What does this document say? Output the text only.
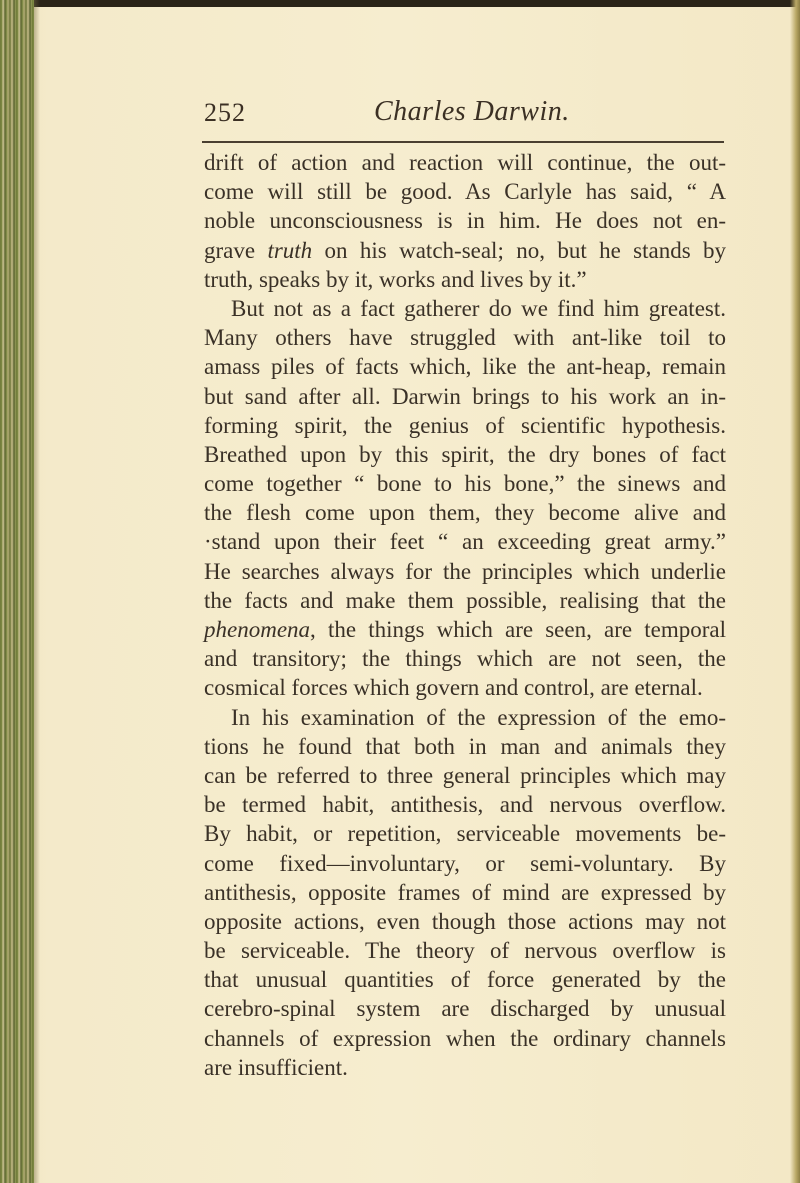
252	Charles Darwin.
drift of action and reaction will continue, the out-
come will still be good. As Carlyle has said, “ A
noble unconsciousness is in him. He does not en-
grave truth on his watch-seal; no, but he stands by
truth, speaks by it, works and lives by it.”
But not as a fact gatherer do we find him greatest.
Many others have struggled with ant-like toil to
amass piles of facts which, like the ant-heap, remain
but sand after all. Darwin brings to his work an in-
forming spirit, the genius of scientific hypothesis.
Breathed upon by this spirit, the dry bones of fact
come together “ bone to his bone,” the sinews and
the flesh come upon them, they become alive and
·stand upon their feet “ an exceeding great army.”
He searches always for the principles which underlie
the facts and make them possible, realising that the
phenomena, the things which are seen, are temporal
and transitory; the things which are not seen, the
cosmical forces which govern and control, are eternal.
In his examination of the expression of the emo-
tions he found that both in man and animals they
can be referred to three general principles which may
be termed habit, antithesis, and nervous overflow.
By habit, or repetition, serviceable movements be-
come fixed—involuntary, or semi-voluntary. By
antithesis, opposite frames of mind are expressed by
opposite actions, even though those actions may not
be serviceable. The theory of nervous overflow is
that unusual quantities of force generated by the
cerebro-spinal system are discharged by unusual
channels of expression when the ordinary channels
are insufficient.
